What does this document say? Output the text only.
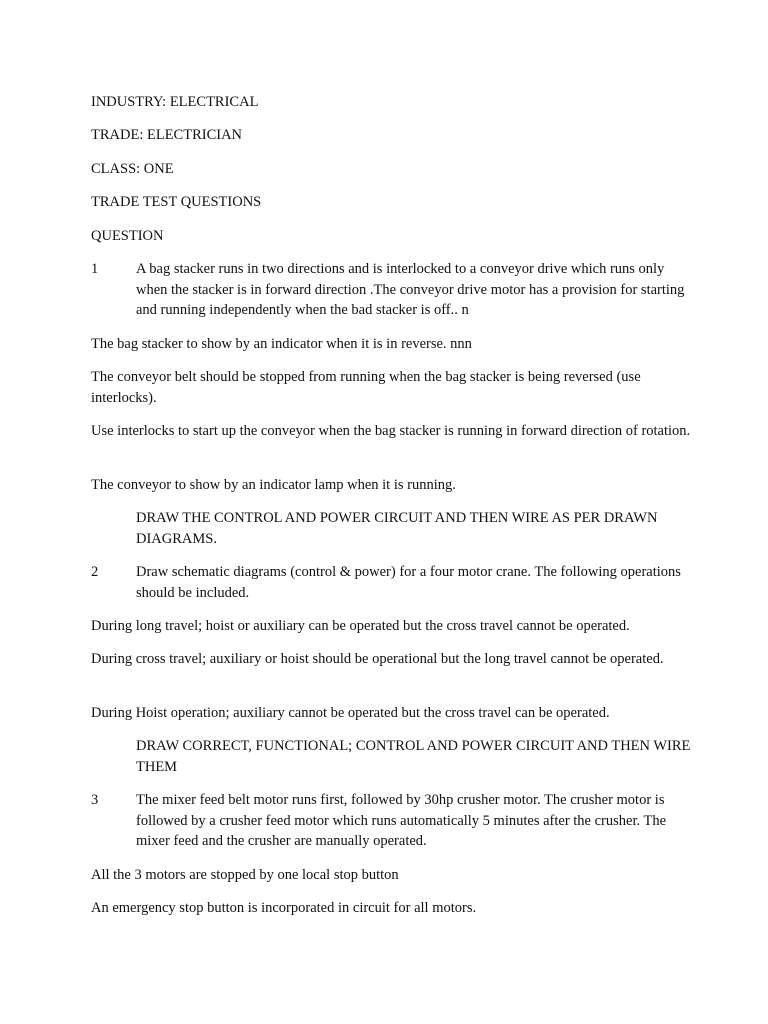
INDUSTRY: ELECTRICAL
TRADE: ELECTRICIAN
CLASS: ONE
TRADE TEST QUESTIONS
QUESTION
1	A bag stacker runs in two directions and is interlocked to a conveyor drive which runs only when the stacker is in forward direction .The conveyor drive motor has a provision for starting and running independently when the bad stacker is off.. n
The bag stacker to show by an indicator when it is in reverse. nnn
The conveyor belt should be stopped from running when the bag stacker is being reversed (use interlocks).
Use interlocks to start up the conveyor when the bag stacker is running in forward direction of rotation.
The conveyor to show by an indicator lamp when it is running.
DRAW THE CONTROL AND POWER CIRCUIT AND THEN WIRE AS PER DRAWN DIAGRAMS.
2	Draw schematic diagrams (control & power) for a four motor crane. The following operations should be included.
During long travel; hoist or auxiliary can be operated but the cross travel cannot be operated.
During cross travel; auxiliary or hoist should be operational but the long travel cannot be operated.
During Hoist operation; auxiliary cannot be operated but the cross travel can be operated.
DRAW CORRECT, FUNCTIONAL; CONTROL AND POWER CIRCUIT AND THEN WIRE THEM
3	The mixer feed belt motor runs first, followed by 30hp crusher motor. The crusher motor is followed by a crusher feed motor which runs automatically 5 minutes after the crusher. The mixer feed and the crusher are manually operated.
All the 3 motors are stopped by one local stop button
An emergency stop button is incorporated in circuit for all motors.
